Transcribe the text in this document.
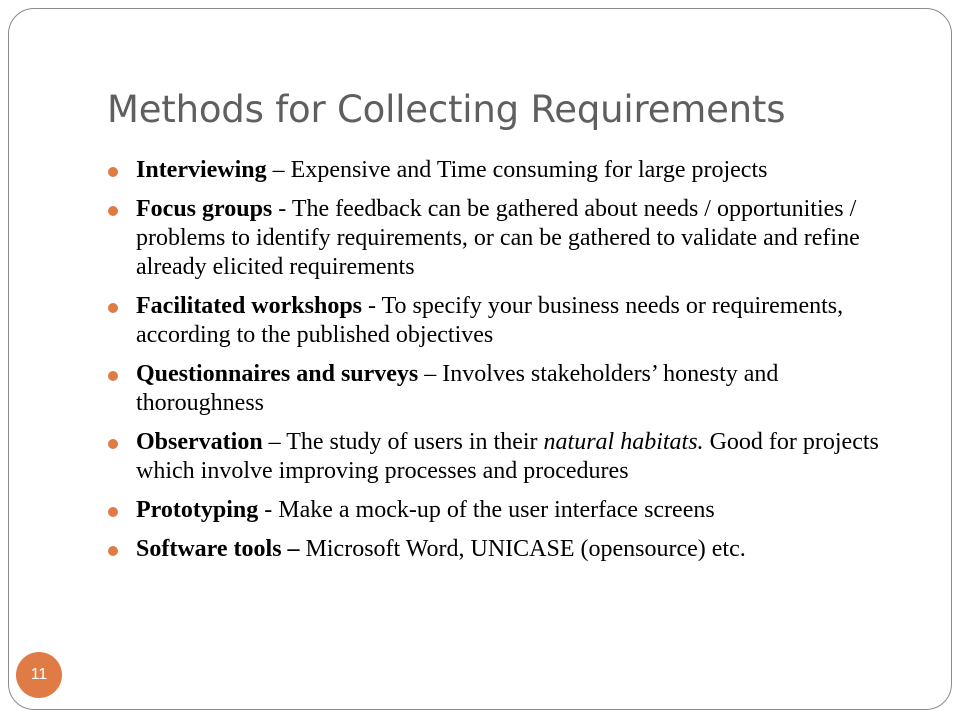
Methods for Collecting Requirements
Interviewing – Expensive and Time consuming for large projects
Focus groups - The feedback can be gathered about needs / opportunities / problems to identify requirements, or can be gathered to validate and refine already elicited requirements
Facilitated workshops - To specify your business needs or requirements, according to the published objectives
Questionnaires and surveys – Involves stakeholders’ honesty and thoroughness
Observation – The study of users in their natural habitats. Good for projects which involve improving processes and procedures
Prototyping - Make a mock-up of the user interface screens
Software tools – Microsoft Word, UNICASE (opensource) etc.
11
